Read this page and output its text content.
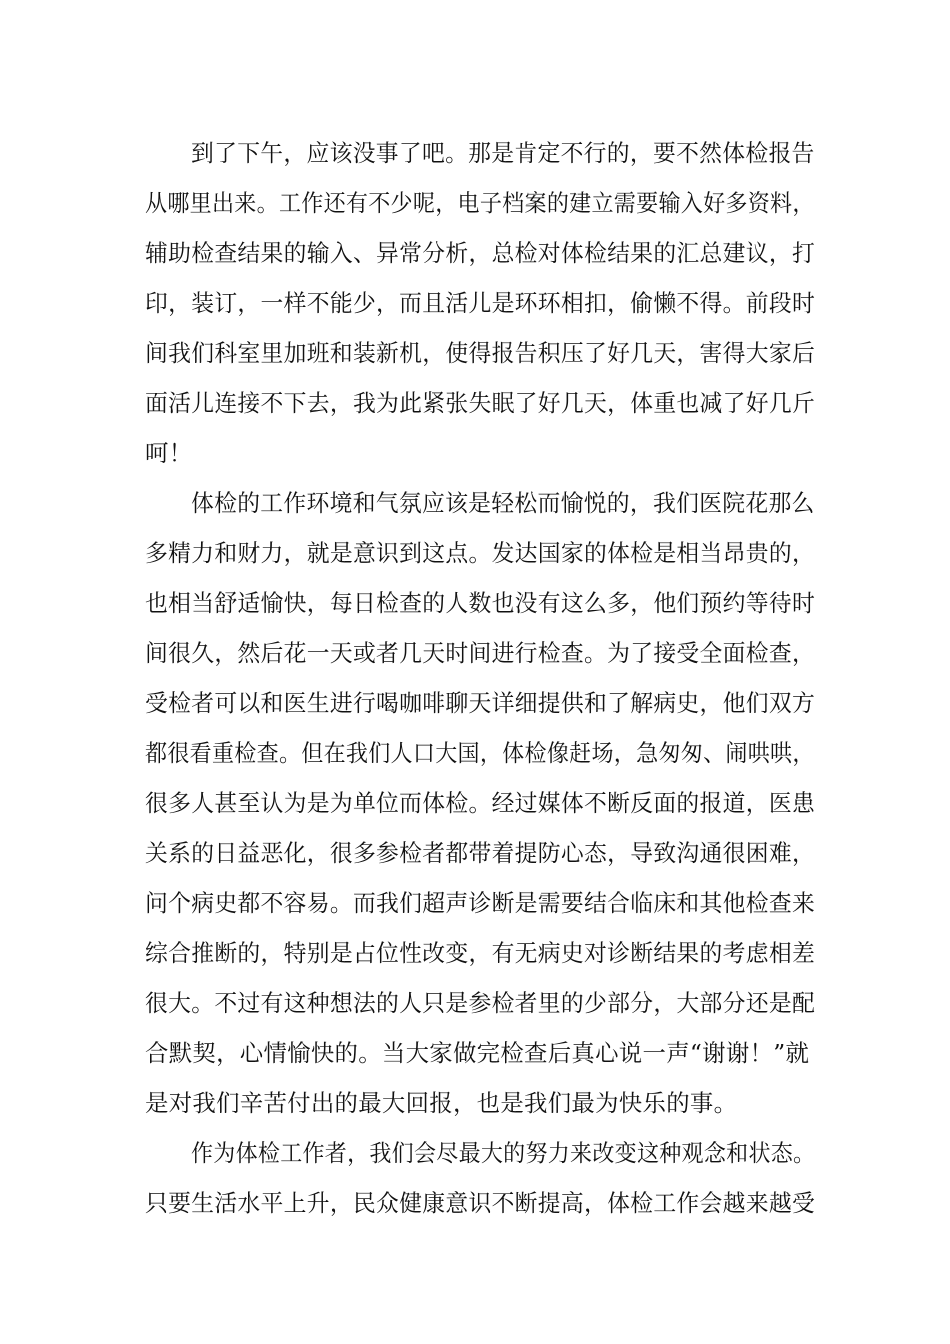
到了下午，应该没事了吧。那是肯定不行的，要不然体检报告
从哪里出来。工作还有不少呢，电子档案的建立需要输入好多资料，
辅助检查结果的输入、异常分析，总检对体检结果的汇总建议，打
印，装订，一样不能少，而且活儿是环环相扣，偷懒不得。前段时
间我们科室里加班和装新机，使得报告积压了好几天，害得大家后
面活儿连接不下去，我为此紧张失眠了好几天，体重也减了好几斤
呵！
体检的工作环境和气氛应该是轻松而愉悦的，我们医院花那么
多精力和财力，就是意识到这点。发达国家的体检是相当昂贵的，
也相当舒适愉快，每日检查的人数也没有这么多，他们预约等待时
间很久，然后花一天或者几天时间进行检查。为了接受全面检查，
受检者可以和医生进行喝咖啡聊天详细提供和了解病史，他们双方
都很看重检查。但在我们人口大国，体检像赶场，急匆匆、闹哄哄，
很多人甚至认为是为单位而体检。经过媒体不断反面的报道，医患
关系的日益恶化，很多参检者都带着提防心态，导致沟通很困难，
问个病史都不容易。而我们超声诊断是需要结合临床和其他检查来
综合推断的，特别是占位性改变，有无病史对诊断结果的考虑相差
很大。不过有这种想法的人只是参检者里的少部分，大部分还是配
合默契，心情愉快的。当大家做完检查后真心说一声“谢谢！”就
是对我们辛苦付出的最大回报，也是我们最为快乐的事。
作为体检工作者，我们会尽最大的努力来改变这种观念和状态。
只要生活水平上升，民众健康意识不断提高，体检工作会越来越受
